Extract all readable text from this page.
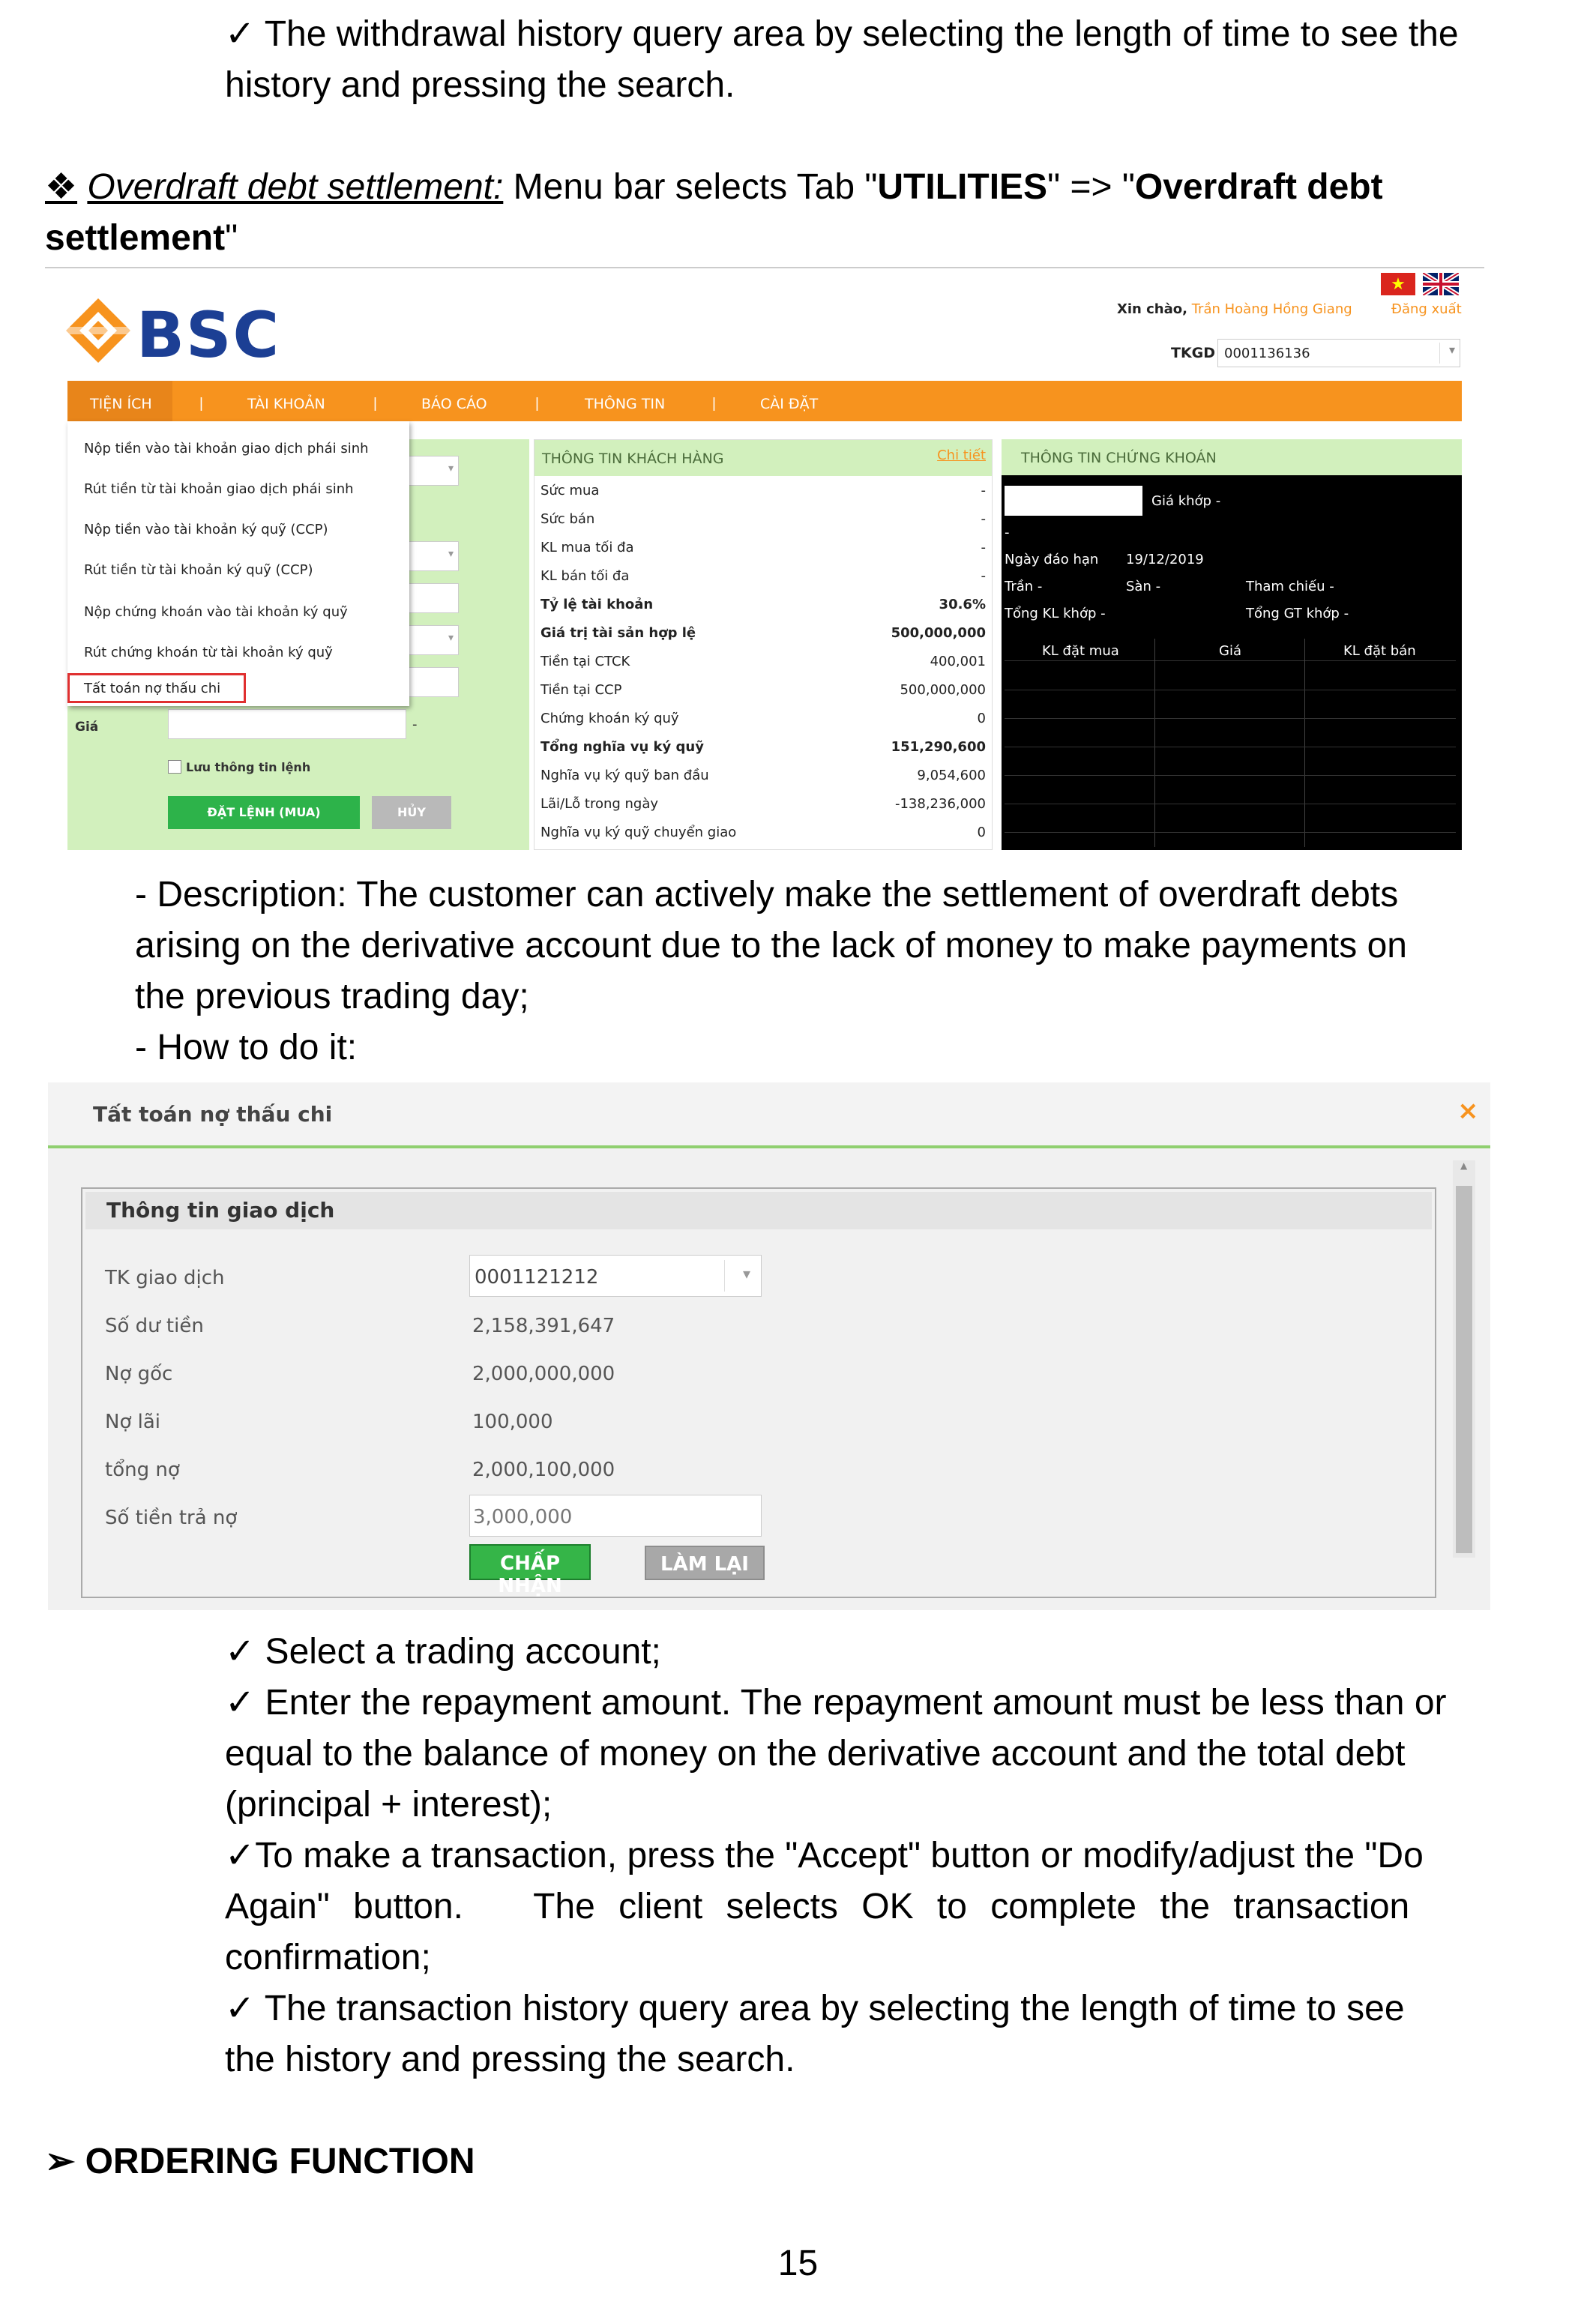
✓ The withdrawal history query area by selecting the length of time to see the
history and pressing the search.
❖ Overdraft debt settlement: Menu bar selects Tab "UTILITIES" => "Overdraft debt
settlement"
BSC
★
Xin chào, Trần Hoàng Hồng Giang	Đăng xuất
TKGD 0001136136	▾
TIỆN ÍCH	|	TÀI KHOẢN	|	BÁO CÁO	|	THÔNG TIN	|	CÀI ĐẶT
▾
▾
▾
Giá	-
Lưu thông tin lệnh
ĐẶT LỆNH (MUA)	HỦY
Nộp tiền vào tài khoản giao dịch phái sinh
Rút tiền từ tài khoản giao dịch phái sinh
Nộp tiền vào tài khoản ký quỹ (CCP)
Rút tiền từ tài khoản ký quỹ (CCP)
Nộp chứng khoán vào tài khoản ký quỹ
Rút chứng khoán từ tài khoản ký quỹ
Tất toán nợ thấu chi
THÔNG TIN KHÁCH HÀNG	Chi tiết
Sức mua	-
Sức bán	-
KL mua tối đa	-
KL bán tối đa	-
Tỷ lệ tài khoản	30.6%
Giá trị tài sản hợp lệ	500,000,000
Tiền tại CTCK	400,001
Tiền tại CCP	500,000,000
Chứng khoán ký quỹ	0
Tổng nghĩa vụ ký quỹ	151,290,600
Nghĩa vụ ký quỹ ban đầu	9,054,600
Lãi/Lỗ trong ngày	-138,236,000
Nghĩa vụ ký quỹ chuyển giao	0
THÔNG TIN CHỨNG KHOÁN
Giá khớp -
-
Ngày đáo hạn 19/12/2019
Trần -	Sàn -	Tham chiếu -
Tổng KL khớp -	Tổng GT khớp -
KL đặt mua	Giá	KL đặt bán
- Description: The customer can actively make the settlement of overdraft debts
arising on the derivative account due to the lack of money to make payments on
the previous trading day;
- How to do it:
Tất toán nợ thấu chi	×
▲
Thông tin giao dịch
TK giao dịch	0001121212	▾
Số dư tiền	2,158,391,647
Nợ gốc	2,000,000,000
Nợ lãi	100,000
tổng nợ	2,000,100,000
Số tiền trả nợ	3,000,000
CHẤP NHẬN
LÀM LẠI
✓ Select a trading account;
✓ Enter the repayment amount. The repayment amount must be less than or
equal to the balance of money on the derivative account and the total debt
(principal + interest);
✓To make a transaction, press the "Accept" button or modify/adjust the "Do
Again" button.   The client selects OK to complete the transaction
confirmation;
✓ The transaction history query area by selecting the length of time to see
the history and pressing the search.
➢ ORDERING FUNCTION
15
